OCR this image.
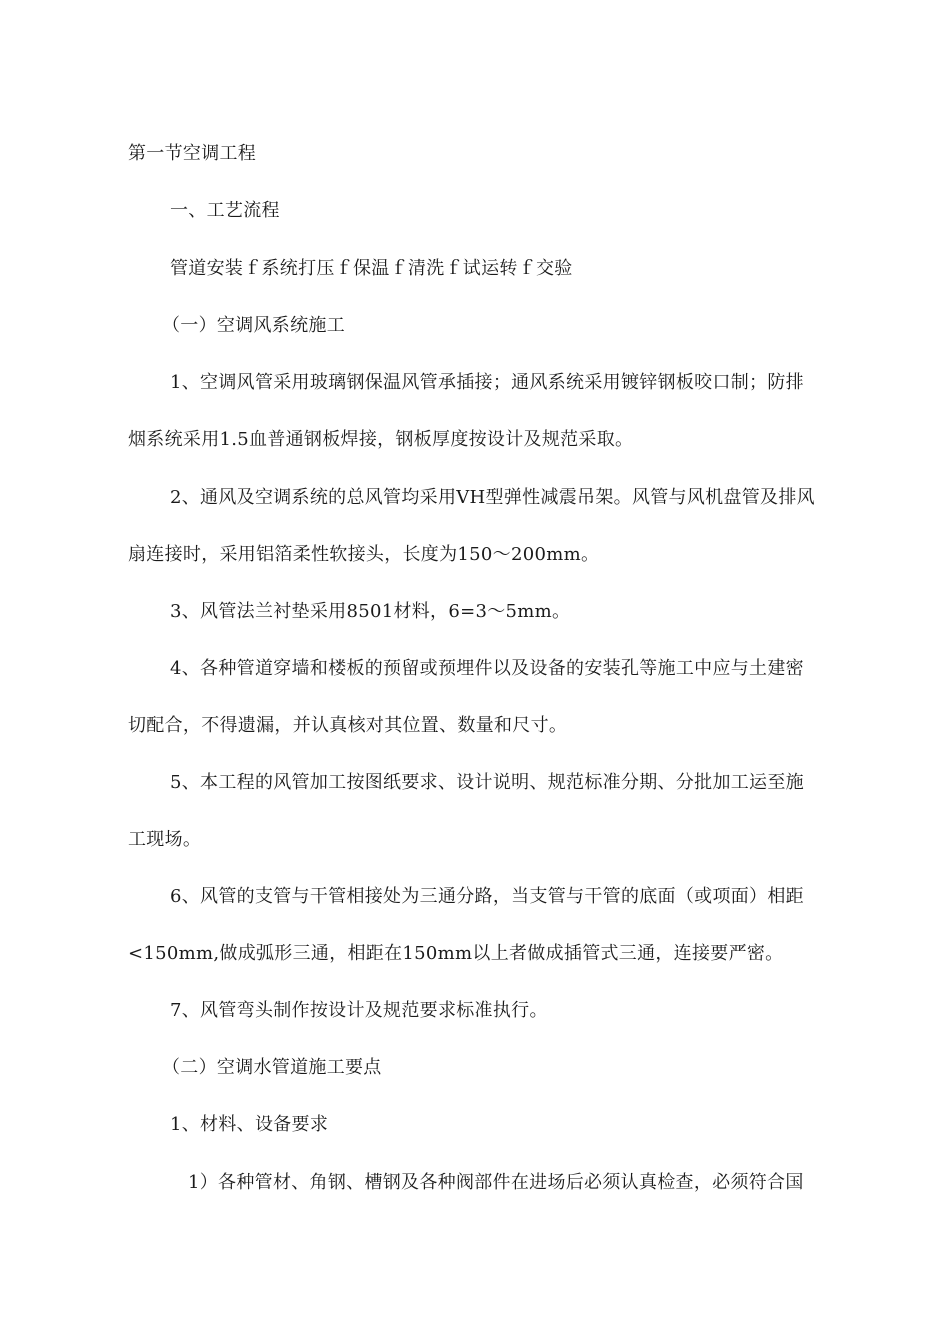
第一节空调工程
一、工艺流程
管道安装ｆ系统打压ｆ保温ｆ清洗ｆ试运转ｆ交验
（一）空调风系统施工
1、空调风管采用玻璃钢保温风管承插接；通风系统采用镀锌钢板咬口制；防排
烟系统采用1.5血普通钢板焊接，钢板厚度按设计及规范采取。
2、通风及空调系统的总风管均采用VH型弹性减震吊架。风管与风机盘管及排风
扇连接时，采用铝箔柔性软接头，长度为150〜200mm。
3、风管法兰衬垫采用8501材料，6=3〜5mm。
4、各种管道穿墙和楼板的预留或预埋件以及设备的安装孔等施工中应与土建密
切配合，不得遗漏，并认真核对其位置、数量和尺寸。
5、本工程的风管加工按图纸要求、设计说明、规范标准分期、分批加工运至施
工现场。
6、风管的支管与干管相接处为三通分路，当支管与干管的底面（或项面）相距
<150mm,做成弧形三通，相距在150mm以上者做成插管式三通，连接要严密。
7、风管弯头制作按设计及规范要求标准执行。
（二）空调水管道施工要点
1、材料、设备要求
1）各种管材、角钢、槽钢及各种阀部件在进场后必须认真检查，必须符合国
